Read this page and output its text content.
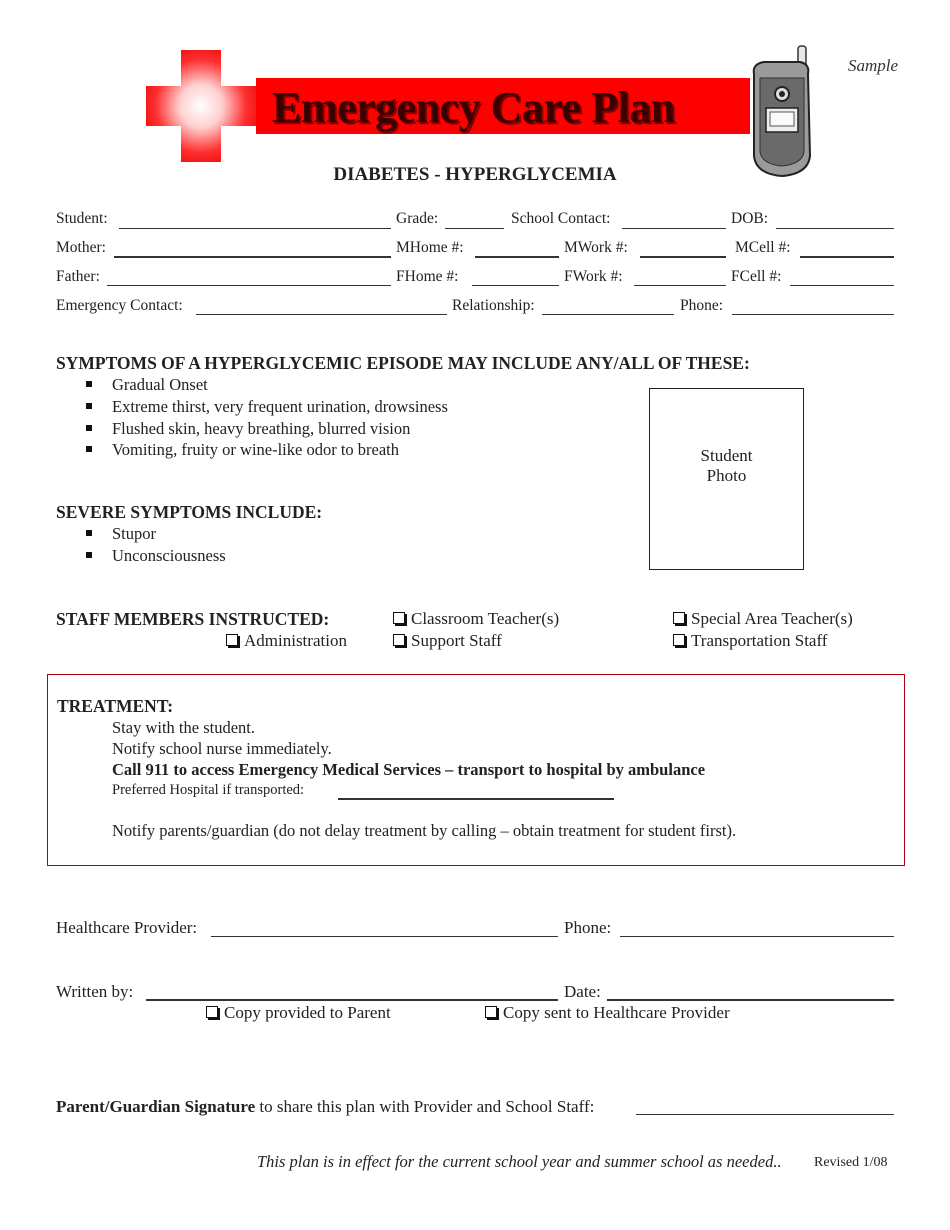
Emergency Care Plan
Sample
DIABETES - HYPERGLYCEMIA
Student:	Grade:	School Contact:	DOB:
Mother:	MHome #:	MWork #:	MCell #:
Father:	FHome #:	FWork #:	FCell #:
Emergency Contact:	Relationship:	Phone:
SYMPTOMS OF A HYPERGLYCEMIC EPISODE MAY INCLUDE ANY/ALL OF THESE:
Gradual Onset
Extreme thirst, very frequent urination, drowsiness
Flushed skin, heavy breathing, blurred vision
Vomiting, fruity or wine-like odor to breath	Student
Photo
SEVERE SYMPTOMS INCLUDE:
Stupor
Unconsciousness
STAFF MEMBERS INSTRUCTED:	Classroom Teacher(s)	Special Area Teacher(s)
Administration	Support Staff	Transportation Staff
TREATMENT:
Stay with the student.
Notify school nurse immediately.
Call 911 to access Emergency Medical Services – transport to hospital by ambulance
Preferred Hospital if transported:
Notify parents/guardian (do not delay treatment by calling – obtain treatment for student first).
Healthcare Provider:	Phone:
Written by:	Date:
Copy provided to Parent	Copy sent to Healthcare Provider
Parent/Guardian Signature to share this plan with Provider and School Staff:
This plan is in effect for the current school year and summer school as needed.. Revised 1/08
